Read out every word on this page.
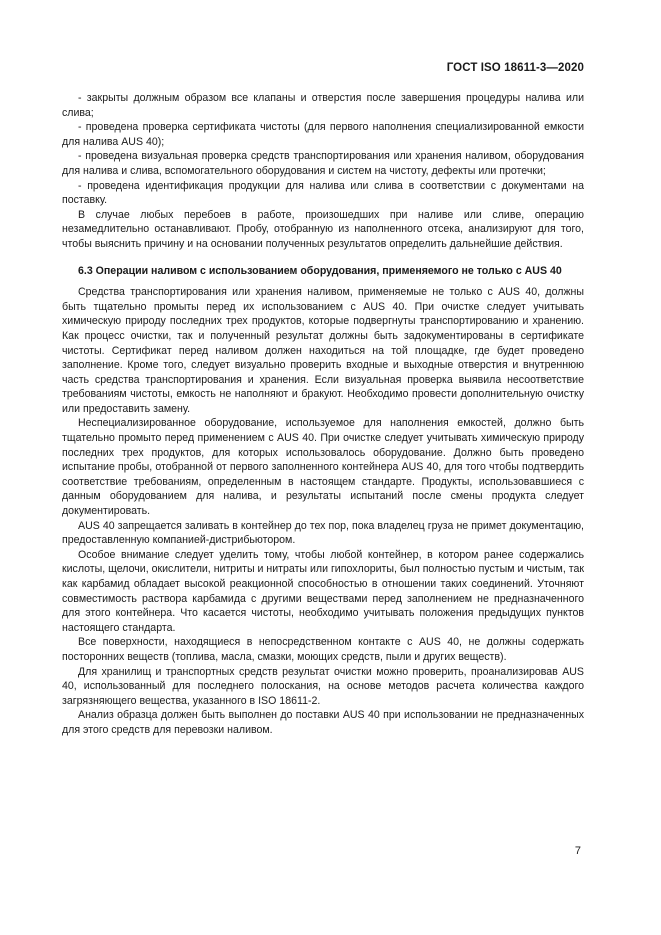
ГОСТ ISO 18611-3—2020

- закрыты должным образом все клапаны и отверстия после завершения процедуры налива или слива;

- проведена проверка сертификата чистоты (для первого наполнения специализированной емкости для налива AUS 40);

- проведена визуальная проверка средств транспортирования или хранения наливом, оборудования для налива и слива, вспомогательного оборудования и систем на чистоту, дефекты или протечки;

- проведена идентификация продукции для налива или слива в соответствии с документами на поставку.

В случае любых перебоев в работе, произошедших при наливе или сливе, операцию незамедлительно останавливают. Пробу, отобранную из наполненного отсека, анализируют для того, чтобы выяснить причину и на основании полученных результатов определить дальнейшие действия.

6.3 Операции наливом с использованием оборудования, применяемого не только с AUS 40

Средства транспортирования или хранения наливом, применяемые не только с AUS 40, должны быть тщательно промыты перед их использованием с AUS 40. При очистке следует учитывать химическую природу последних трех продуктов, которые подвергнуты транспортированию и хранению. Как процесс очистки, так и полученный результат должны быть задокументированы в сертификате чистоты. Сертификат перед наливом должен находиться на той площадке, где будет проведено заполнение. Кроме того, следует визуально проверить входные и выходные отверстия и внутреннюю часть средства транспортирования и хранения. Если визуальная проверка выявила несоответствие требованиям чистоты, емкость не наполняют и бракуют. Необходимо провести дополнительную очистку или предоставить замену.

Неспециализированное оборудование, используемое для наполнения емкостей, должно быть тщательно промыто перед применением с AUS 40. При очистке следует учитывать химическую природу последних трех продуктов, для которых использовалось оборудование. Должно быть проведено испытание пробы, отобранной от первого заполненного контейнера AUS 40, для того чтобы подтвердить соответствие требованиям, определенным в настоящем стандарте. Продукты, использовавшиеся с данным оборудованием для налива, и результаты испытаний после смены продукта следует документировать.

AUS 40 запрещается заливать в контейнер до тех пор, пока владелец груза не примет документацию, предоставленную компанией-дистрибьютором.

Особое внимание следует уделить тому, чтобы любой контейнер, в котором ранее содержались кислоты, щелочи, окислители, нитриты и нитраты или гипохлориты, был полностью пустым и чистым, так как карбамид обладает высокой реакционной способностью в отношении таких соединений. Уточняют совместимость раствора карбамида с другими веществами перед заполнением не предназначенного для этого контейнера. Что касается чистоты, необходимо учитывать положения предыдущих пунктов настоящего стандарта.

Все поверхности, находящиеся в непосредственном контакте с AUS 40, не должны содержать посторонних веществ (топлива, масла, смазки, моющих средств, пыли и других веществ).

Для хранилищ и транспортных средств результат очистки можно проверить, проанализировав AUS 40, использованный для последнего полоскания, на основе методов расчета количества каждого загрязняющего вещества, указанного в ISO 18611-2.

Анализ образца должен быть выполнен до поставки AUS 40 при использовании не предназначенных для этого средств для перевозки наливом.

7
